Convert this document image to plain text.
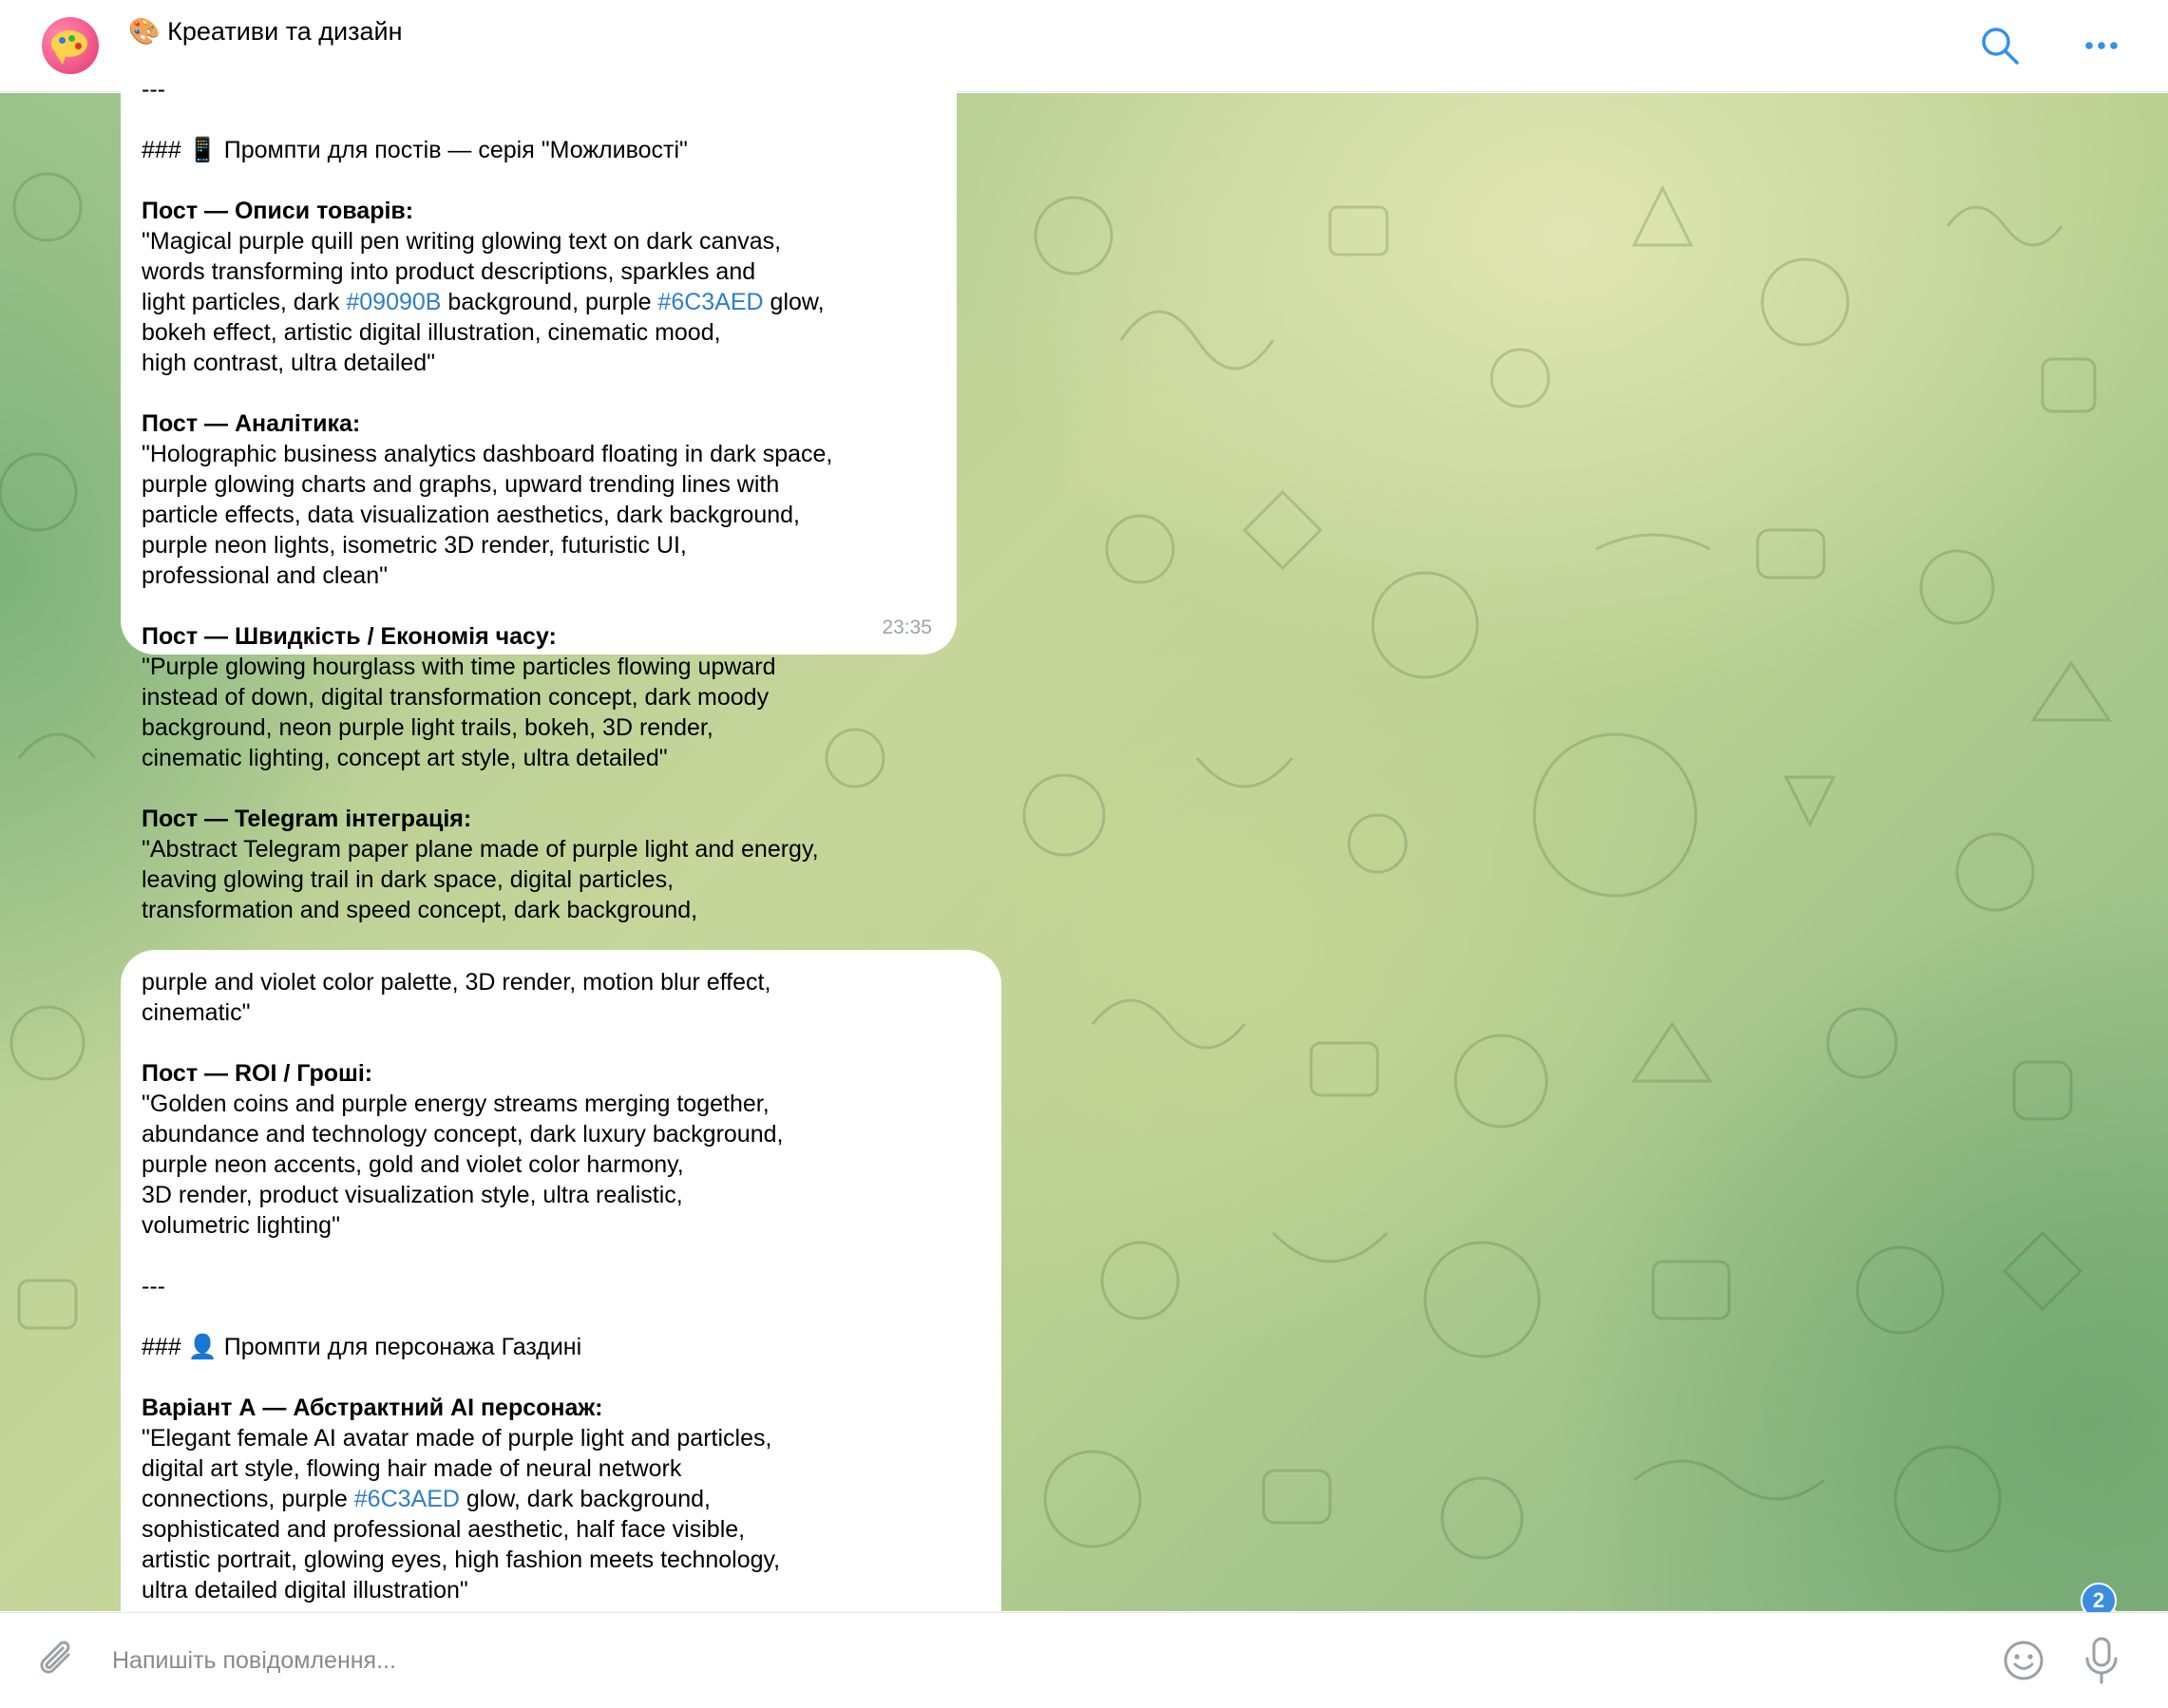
🎨 Креативи та дизайн

---

### 📱 Промпти для постів — серія "Можливості"

Пост — Описи товарів:

"Magical purple quill pen writing glowing text on dark canvas,

words transforming into product descriptions, sparkles and

light particles, dark #09090B background, purple #6C3AED glow,

bokeh effect, artistic digital illustration, cinematic mood,

high contrast, ultra detailed"

Пост — Аналітика:

"Holographic business analytics dashboard floating in dark space,

purple glowing charts and graphs, upward trending lines with

particle effects, data visualization aesthetics, dark background,

purple neon lights, isometric 3D render, futuristic UI,

professional and clean"

Пост — Швидкість / Економія часу:

"Purple glowing hourglass with time particles flowing upward

instead of down, digital transformation concept, dark moody

background, neon purple light trails, bokeh, 3D render,

cinematic lighting, concept art style, ultra detailed"

Пост — Telegram інтеграція:

"Abstract Telegram paper plane made of purple light and energy,

leaving glowing trail in dark space, digital particles,

transformation and speed concept, dark background,

23:35

purple and violet color palette, 3D render, motion blur effect,

cinematic"

Пост — ROI / Гроші:

"Golden coins and purple energy streams merging together,

abundance and technology concept, dark luxury background,

purple neon accents, gold and violet color harmony,

3D render, product visualization style, ultra realistic,

volumetric lighting"

---

### 👤 Промпти для персонажа Газдині

Варіант А — Абстрактний AI персонаж:

"Elegant female AI avatar made of purple light and particles,

digital art style, flowing hair made of neural network

connections, purple #6C3AED glow, dark background,

sophisticated and professional aesthetic, half face visible,

artistic portrait, glowing eyes, high fashion meets technology,

ultra detailed digital illustration"	2
Напишіть повідомлення...
